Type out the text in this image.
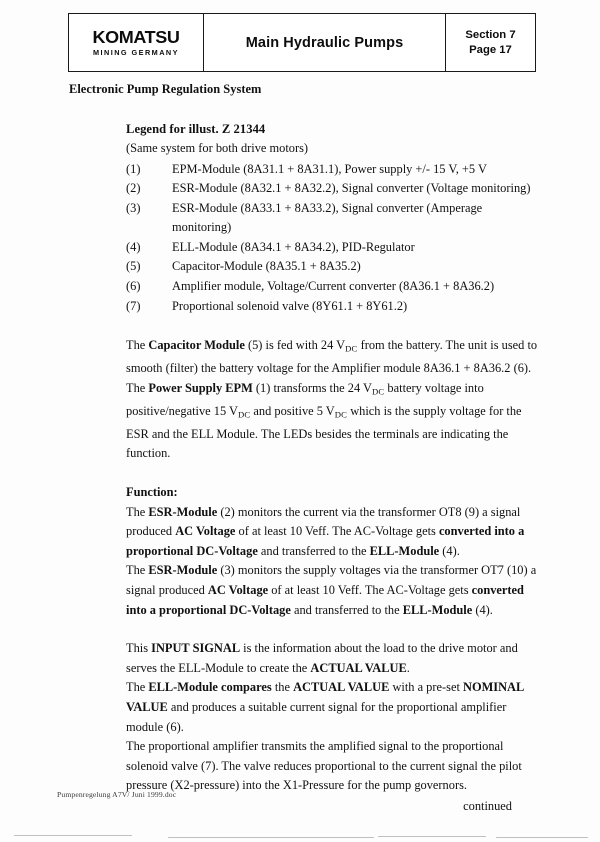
KOMATSU
MINING GERMANY
Main Hydraulic Pumps	Section 7
Page 17
Electronic Pump Regulation System
Legend for illust. Z 21344
(Same system for both drive motors)
(1)	EPM-Module (8A31.1 + 8A31.1), Power supply +/- 15 V, +5 V
(2)	ESR-Module (8A32.1 + 8A32.2), Signal converter (Voltage monitoring)
(3)	ESR-Module (8A33.1 + 8A33.2), Signal converter (Amperage monitoring)
(4)	ELL-Module (8A34.1 + 8A34.2), PID-Regulator
(5)	Capacitor-Module (8A35.1 + 8A35.2)
(6)	Amplifier module, Voltage/Current converter (8A36.1 + 8A36.2)
(7)	Proportional solenoid valve (8Y61.1 + 8Y61.2)

The Capacitor Module (5) is fed with 24 $V_{DC}$ from the battery. The unit is used to smooth (filter) the battery voltage for the Amplifier module 8A36.1 + 8A36.2 (6).

The Power Supply EPM (1) transforms the 24 $V_{DC}$ battery voltage into positive/negative 15 $V_{DC}$ and positive 5 $V_{DC}$ which is the supply voltage for the ESR and the ELL Module. The LEDs besides the terminals are indicating the function.

Function:

The ESR-Module (2) monitors the current via the transformer OT8 (9) a signal produced AC Voltage of at least 10 Veff. The AC-Voltage gets converted into a proportional DC-Voltage and transferred to the ELL-Module (4).

The ESR-Module (3) monitors the supply voltages via the transformer OT7 (10) a signal produced AC Voltage of at least 10 Veff. The AC-Voltage gets converted into a proportional DC-Voltage and transferred to the ELL-Module (4).

This INPUT SIGNAL is the information about the load to the drive motor and serves the ELL-Module to create the ACTUAL VALUE.

The ELL-Module compares the ACTUAL VALUE with a pre-set NOMINAL VALUE and produces a suitable current signal for the proportional amplifier module (6).

The proportional amplifier transmits the amplified signal to the proportional solenoid valve (7). The valve reduces proportional to the current signal the pilot pressure (X2-pressure) into the X1-Pressure for the pump governors.

continued
Pumpenregelung A7V/ Juni 1999.doc
